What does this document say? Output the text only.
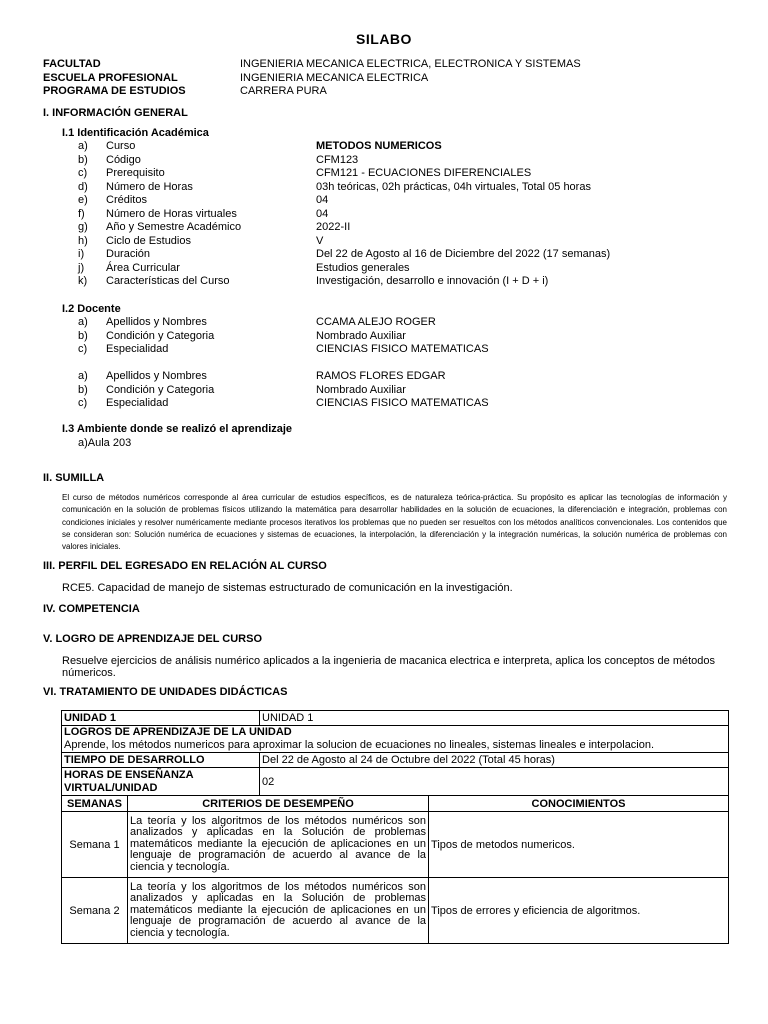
SILABO
FACULTAD	INGENIERIA MECANICA ELECTRICA, ELECTRONICA Y SISTEMAS
ESCUELA PROFESIONAL	INGENIERIA MECANICA ELECTRICA
PROGRAMA DE ESTUDIOS	CARRERA PURA
I. INFORMACIÓN GENERAL
I.1 Identificación Académica
a) Curso	METODOS NUMERICOS
b) Código	CFM123
c) Prerequisito	CFM121 - ECUACIONES DIFERENCIALES
d) Número de Horas	03h teóricas, 02h prácticas, 04h virtuales, Total 05 horas
e) Créditos	04
f) Número de Horas virtuales	04
g) Año y Semestre Académico	2022-II
h) Ciclo de Estudios	V
i) Duración	Del 22 de Agosto al 16 de Diciembre del 2022 (17 semanas)
j) Área Curricular	Estudios generales
k) Características del Curso	Investigación, desarrollo e innovación (I + D + i)
I.2 Docente
a) Apellidos y Nombres	CCAMA ALEJO ROGER
b) Condición y Categoria	Nombrado Auxiliar
c) Especialidad	CIENCIAS FISICO MATEMATICAS
a) Apellidos y Nombres	RAMOS FLORES EDGAR
b) Condición y Categoria	Nombrado Auxiliar
c) Especialidad	CIENCIAS FISICO MATEMATICAS
I.3 Ambiente donde se realizó el aprendizaje
a)Aula 203
II. SUMILLA
El curso de métodos numéricos corresponde al área curricular de estudios específicos, es de naturaleza teórica-práctica. Su propósito es aplicar las tecnologías de información y comunicación en la solución de problemas físicos utilizando la matemática para desarrollar habilidades en la solución de ecuaciones, la diferenciación e integración, problemas con condiciones iniciales y resolver numéricamente mediante procesos iterativos los problemas que no pueden ser resueltos con los métodos analíticos convencionales. Los contenidos que se consideran son: Solución numérica de ecuaciones y sistemas de ecuaciones, la interpolación, la diferenciación y la integración numéricas, la solución numérica de problemas con valores iniciales.
III. PERFIL DEL EGRESADO EN RELACIÓN AL CURSO
RCE5. Capacidad de manejo de sistemas estructurado de comunicación en la investigación.
IV. COMPETENCIA
V. LOGRO DE APRENDIZAJE DEL CURSO
Resuelve ejercicios de análisis numérico aplicados a la ingenieria de macanica electrica e interpreta, aplica los conceptos de métodos númericos.
VI. TRATAMIENTO DE UNIDADES DIDÁCTICAS
UNIDAD 1		UNIDAD 1	

LOGROS DE APRENDIZAJE DE LA UNIDAD
Aprende, los métodos numericos para aproximar la solucion de ecuaciones no lineales, sistemas lineales e interpolacion.			

TIEMPO DE DESARROLLO		Del 22 de Agosto al 24 de Octubre del 2022 (Total 45 horas)	
HORAS DE ENSEÑANZA VIRTUAL/UNIDAD		02	
SEMANAS	CRITERIOS DE DESEMPEÑO		CONOCIMIENTOS
Semana 1	La teoría y los algoritmos de los métodos numéricos son analizados y aplicadas en la Solución de problemas matemáticos mediante la ejecución de aplicaciones en un lenguaje de programación de acuerdo al avance de la ciencia y tecnología.		Tipos de metodos numericos.
Semana 2	La teoría y los algoritmos de los métodos numéricos son analizados y aplicadas en la Solución de problemas matemáticos mediante la ejecución de aplicaciones en un lenguaje de programación de acuerdo al avance de la ciencia y tecnología.		Tipos de errores y eficiencia de algoritmos.
